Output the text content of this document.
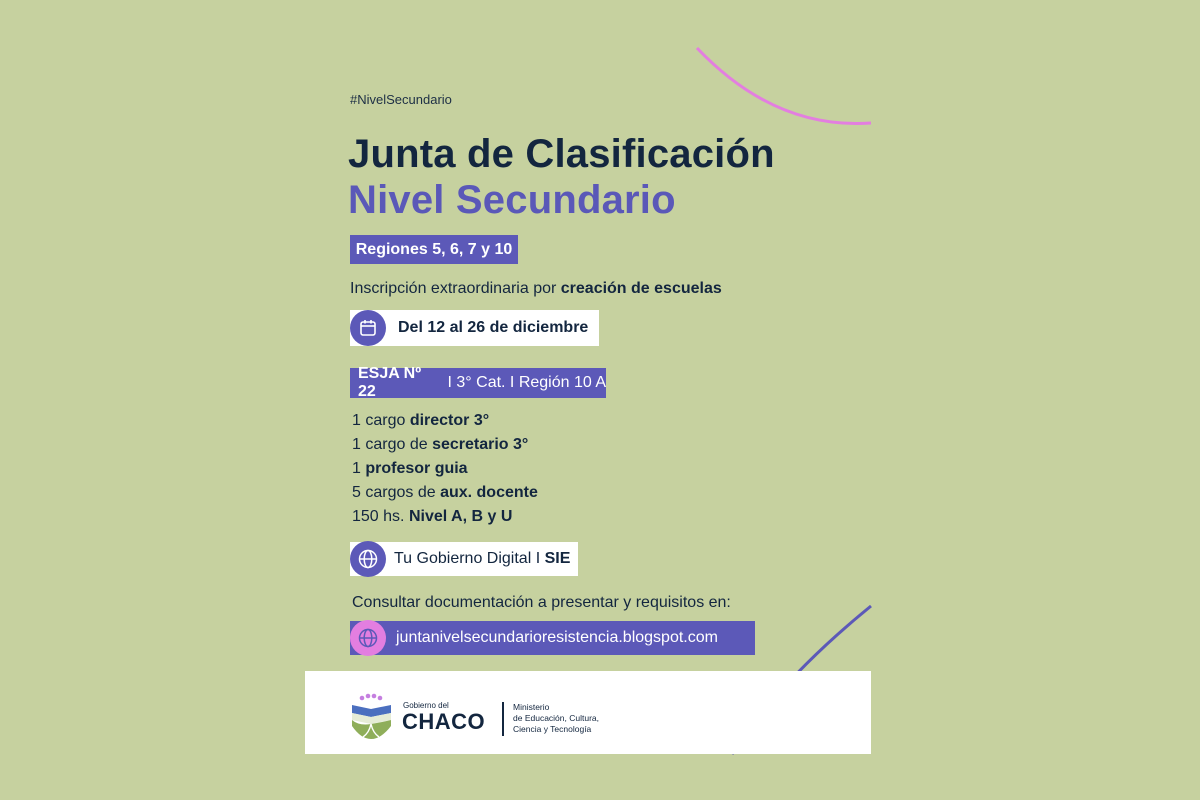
#NivelSecundario
Junta de Clasificación
Nivel Secundario
Regiones 5, 6, 7 y 10
Inscripción extraordinaria por creación de escuelas
Del 12 al 26 de diciembre
ESJA Nº 22
I 3° Cat. I Región 10 A
1 cargo director 3°
1 cargo de secretario 3°
1 profesor guia
5 cargos de aux. docente
150 hs. Nivel A, B y U
Tu Gobierno Digital I SIE
Consultar documentación a presentar y requisitos en:
juntanivelsecundarioresistencia.blogspot.com
Gobierno del
CHACO
Ministerio
de Educación, Cultura,
Ciencia y Tecnología
